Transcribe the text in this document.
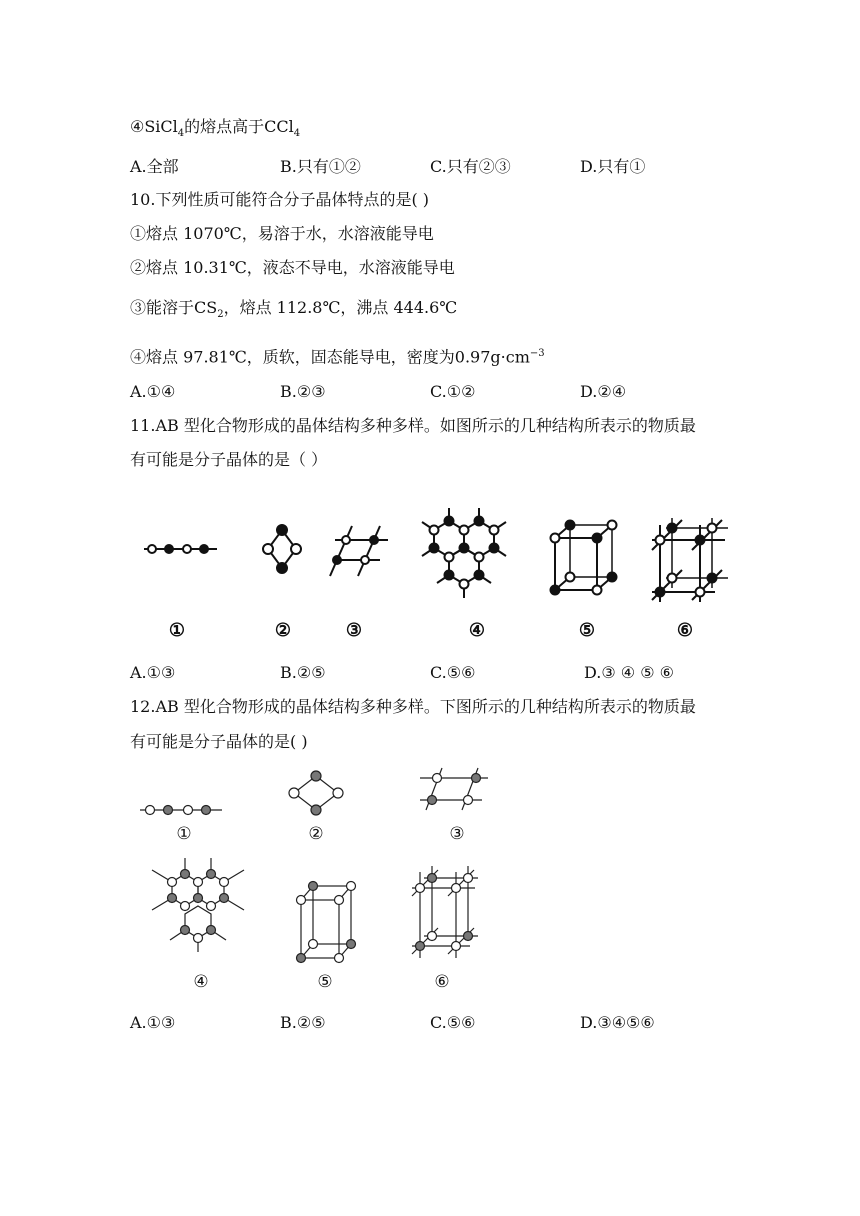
④SiCl$_4$的熔点高于CCl$_4$
A.全部	B.只有①②	C.只有②③	D.只有①
10.下列性质可能符合分子晶体特点的是( )
①熔点 1070℃，易溶于水，水溶液能导电
②熔点 10.31℃，液态不导电，水溶液能导电
③能溶于$CS_2$，熔点 112.8℃，沸点 444.6℃
④熔点 97.81℃，质软，固态能导电，密度为$0.97g\cdot cm^{-3}$
A.①④	B.②③	C.①②	D.②④
11.AB 型化合物形成的晶体结构多种多样。如图所示的几种结构所表示的物质最
有可能是分子晶体的是（ ）
①	②	③	④	⑤	⑥
A.①③	B.②⑤	C.⑤⑥	D.③ ④ ⑤ ⑥
12.AB 型化合物形成的晶体结构多种多样。下图所示的几种结构所表示的物质最
有可能是分子晶体的是( )
①	②	③
④	⑤	⑥
A.①③	B.②⑤	C.⑤⑥	D.③④⑤⑥
